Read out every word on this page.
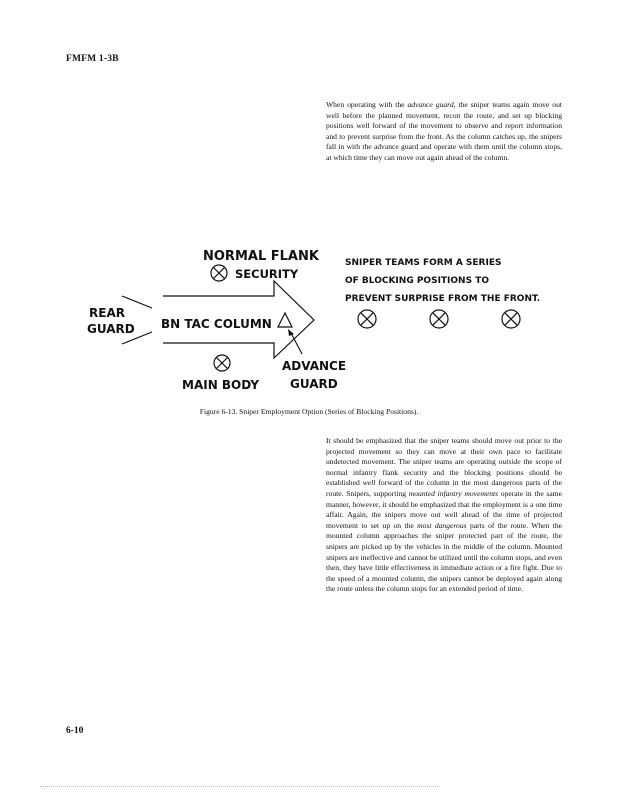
FMFM 1-3B
When operating with the advance guard, the sniper teams again move out well before the planned movement, recon the route, and set up blocking positions well forward of the movement to observe and report information and to prevent surprise from the front. As the column catches up, the snipers fall in with the advance guard and operate with them until the column stops, at which time they can move out again ahead of the column.
NORMAL FLANK
SECURITY
REAR
GUARD BN TAC COLUMN
MAIN BODY
ADVANCE
GUARD
SNIPER TEAMS FORM A SERIES
OF BLOCKING POSITIONS TO
PREVENT SURPRISE FROM THE FRONT.
Figure 6-13. Sniper Employment Option (Series of Blocking Positions).
It should be emphasized that the sniper teams should move out prior to the projected movement so they can move at their own pace to facilitate undetected movement. The sniper teams are operating outside the scope of normal infantry flank security and the blocking positions should be established well forward of the column in the most dangerous parts of the route. Snipers, supporting mounted infantry movements operate in the same manner, however, it should be emphasized that the employment is a one time affair. Again, the snipers move out well ahead of the time of projected movement to set up on the most dangerous parts of the route. When the mounted column approaches the sniper protected part of the route, the snipers are picked up by the vehicles in the middle of the column. Mounted snipers are ineffective and cannot be utilized until the column stops, and even then, they have little effectiveness in immediate action or a fire fight. Due to the speed of a mounted column, the snipers cannot be deployed again along the route unless the column stops for an extended period of time.
6-10
